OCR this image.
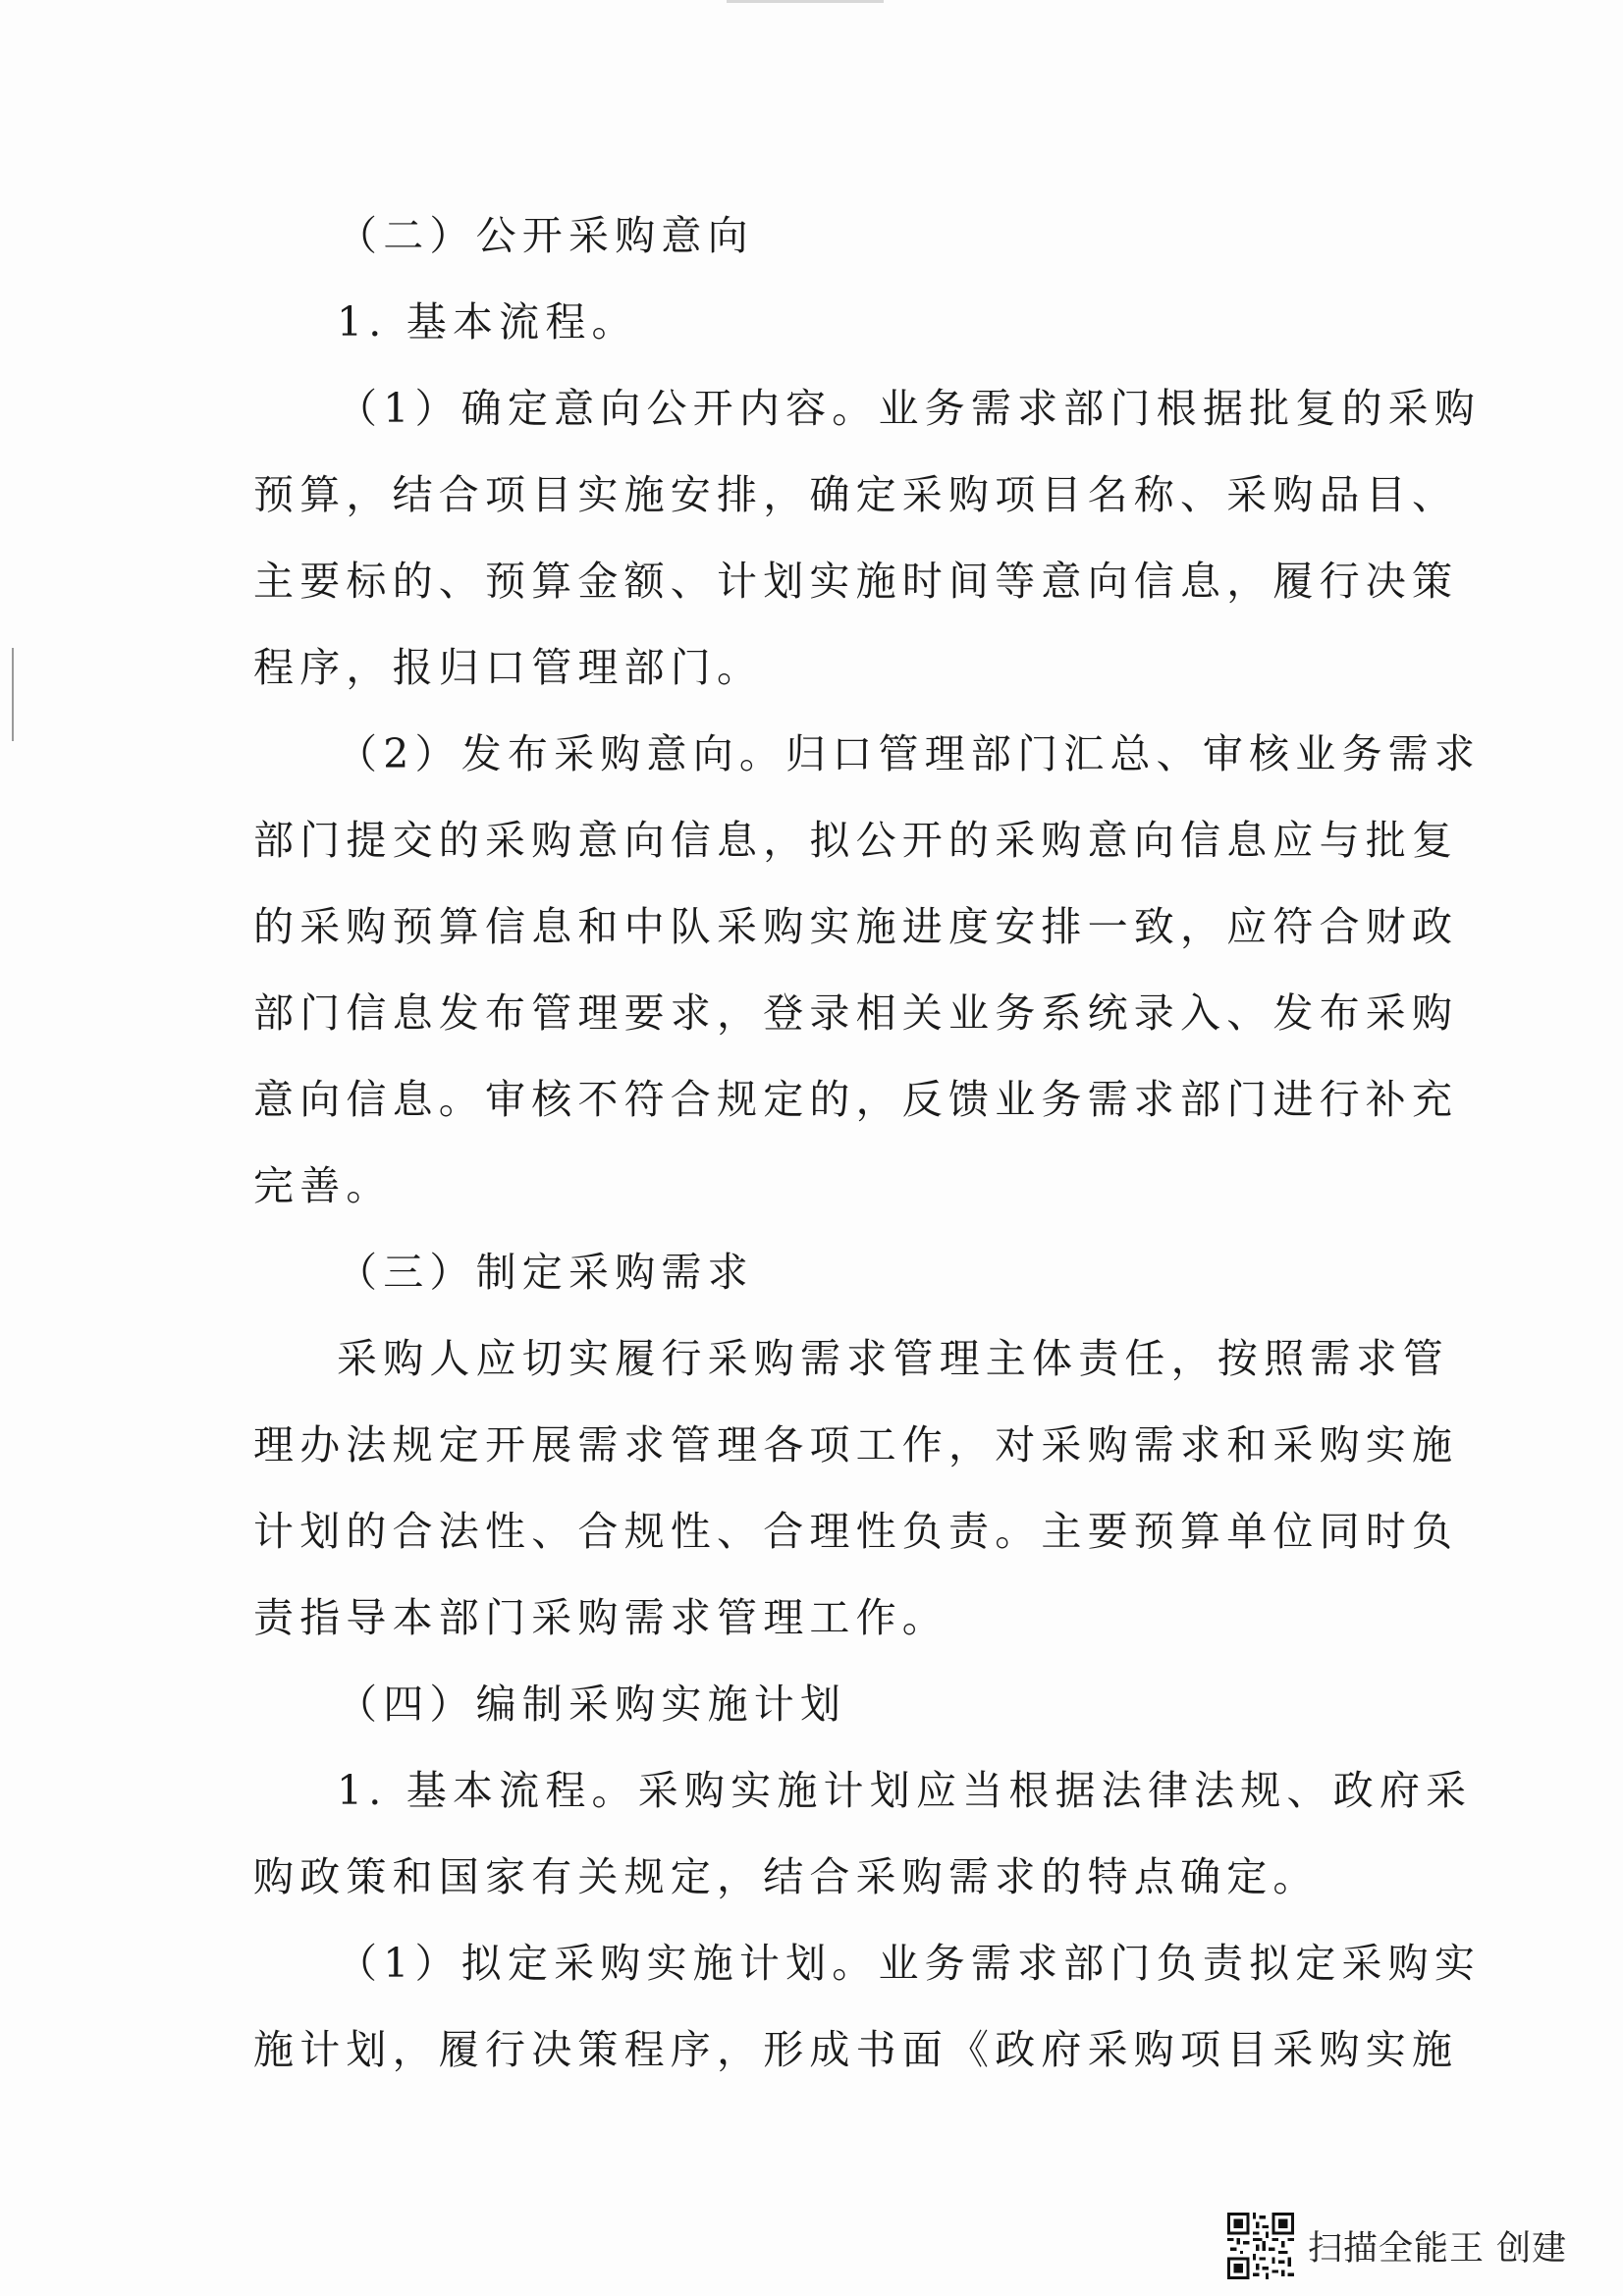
（二）公开采购意向
1. 基本流程。
（1）确定意向公开内容。业务需求部门根据批复的采购
预算，结合项目实施安排，确定采购项目名称、采购品目、
主要标的、预算金额、计划实施时间等意向信息，履行决策
程序，报归口管理部门。
（2）发布采购意向。归口管理部门汇总、审核业务需求
部门提交的采购意向信息，拟公开的采购意向信息应与批复
的采购预算信息和中队采购实施进度安排一致，应符合财政
部门信息发布管理要求，登录相关业务系统录入、发布采购
意向信息。审核不符合规定的，反馈业务需求部门进行补充
完善。
（三）制定采购需求
采购人应切实履行采购需求管理主体责任，按照需求管
理办法规定开展需求管理各项工作，对采购需求和采购实施
计划的合法性、合规性、合理性负责。主要预算单位同时负
责指导本部门采购需求管理工作。
（四）编制采购实施计划
1. 基本流程。采购实施计划应当根据法律法规、政府采
购政策和国家有关规定，结合采购需求的特点确定。
（1）拟定采购实施计划。业务需求部门负责拟定采购实
施计划，履行决策程序，形成书面《政府采购项目采购实施
扫描全能王 创建
